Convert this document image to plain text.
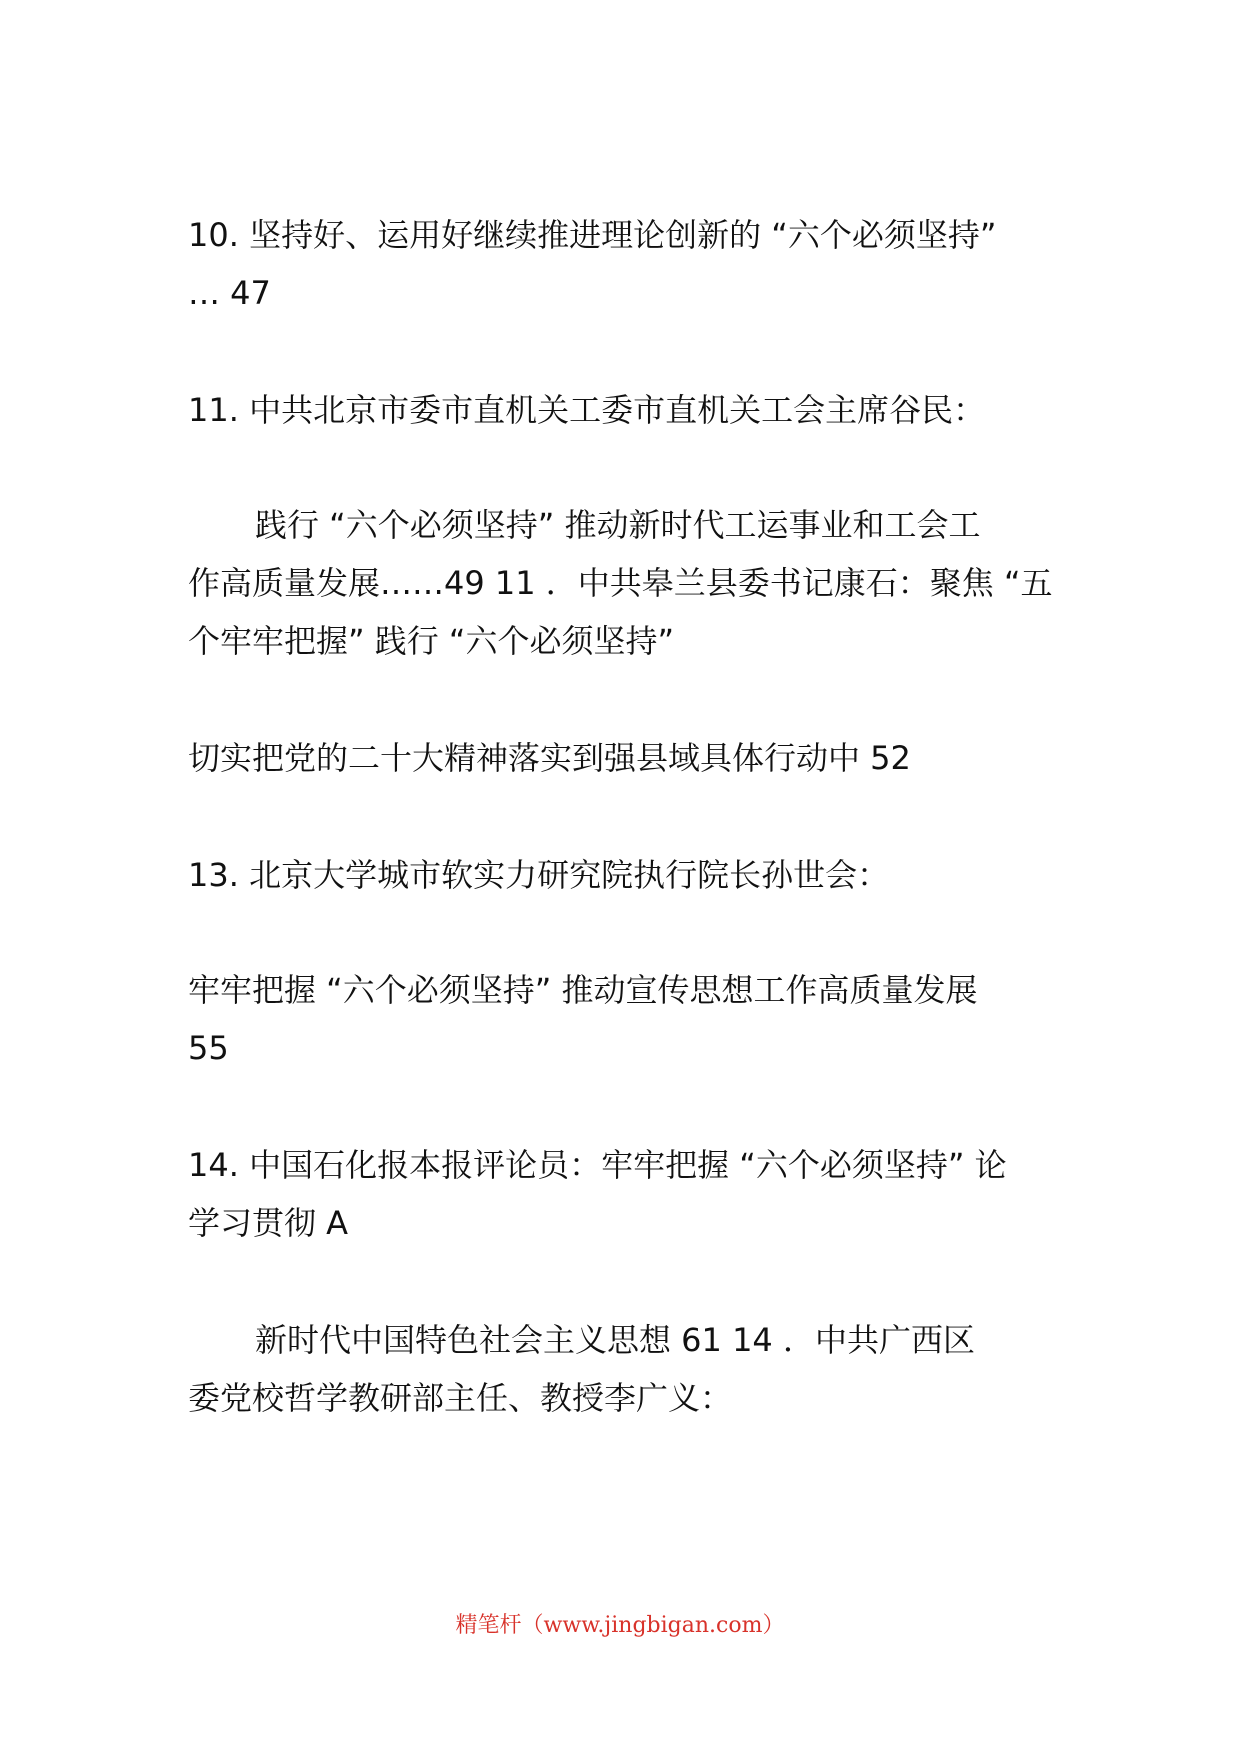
10. 坚持好、运用好继续推进理论创新的 “六个必须坚持”
… 47
11. 中共北京市委市直机关工委市直机关工会主席谷民：
践行 “六个必须坚持” 推动新时代工运事业和工会工
作高质量发展……49 11 ．中共皋兰县委书记康石：聚焦 “五
个牢牢把握” 践行 “六个必须坚持”
切实把党的二十大精神落实到强县域具体行动中 52
13. 北京大学城市软实力研究院执行院长孙世会：
牢牢把握 “六个必须坚持” 推动宣传思想工作高质量发展
55
14. 中国石化报本报评论员：牢牢把握 “六个必须坚持” 论
学习贯彻 A
新时代中国特色社会主义思想 61 14 ．中共广西区
委党校哲学教研部主任、教授李广义：
精笔杆（www.jingbigan.com）
